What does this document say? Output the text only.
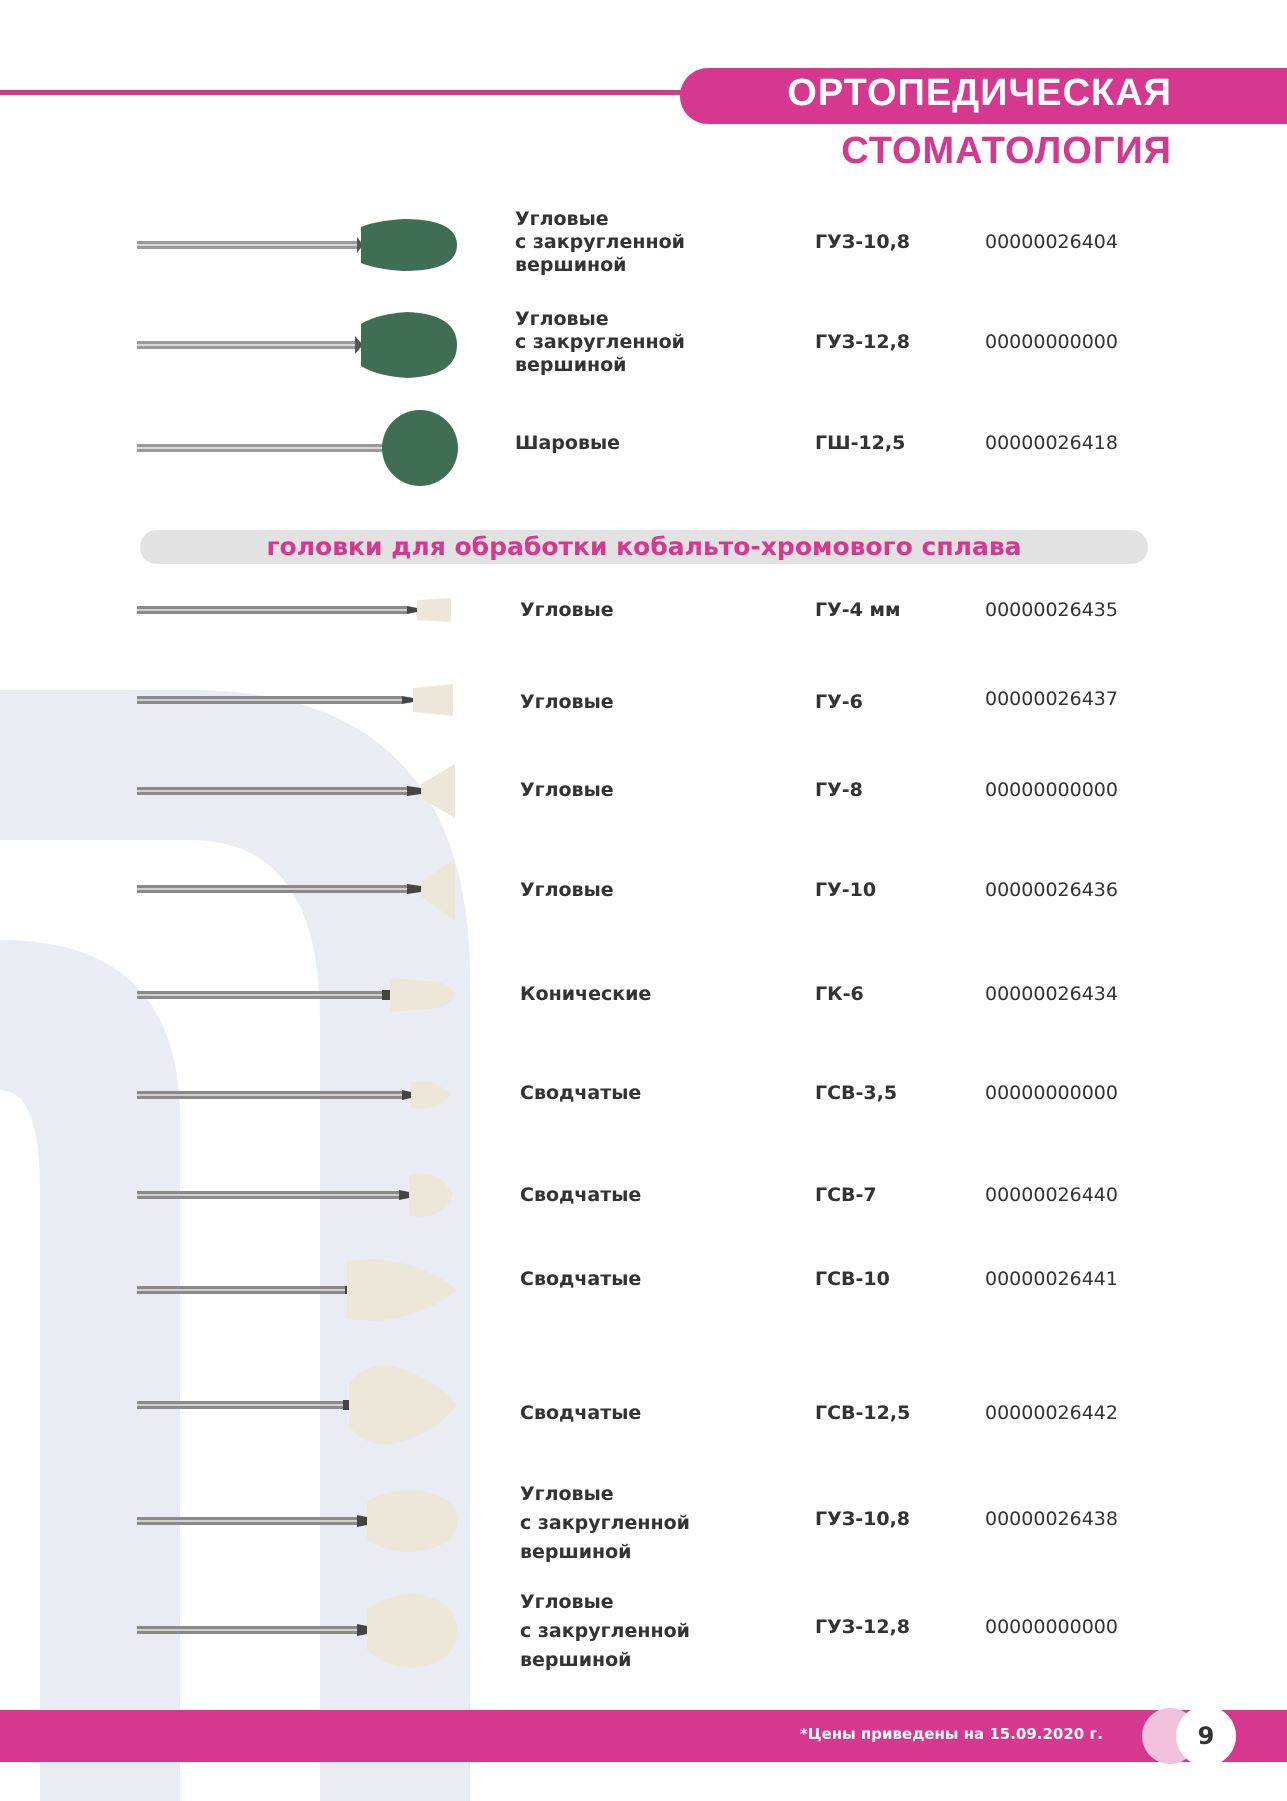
ОРТОПЕДИЧЕСКАЯ
СТОМАТОЛОГИЯ
Угловые
с закругленной
вершиной
ГУЗ-10,8	00000026404
Угловые
с закругленной
вершиной
ГУЗ-12,8	00000000000
Шаровые	ГШ-12,5	00000026418
головки для обработки кобальто-хромового сплава
Угловые	ГУ-4 мм	00000026435
Угловые	ГУ-6	00000026437
Угловые	ГУ-8	00000000000
Угловые	ГУ-10	00000026436
Конические	ГК-6	00000026434
Сводчатые	ГСВ-3,5	00000000000
Сводчатые	ГСВ-7	00000026440
Сводчатые	ГСВ-10	00000026441
Сводчатые	ГСВ-12,5	00000026442
Угловые
с закругленной
вершиной
ГУЗ-10,8	00000026438
Угловые
с закругленной
вершиной
ГУЗ-12,8	00000000000
*Цены приведены на 15.09.2020 г.	9
